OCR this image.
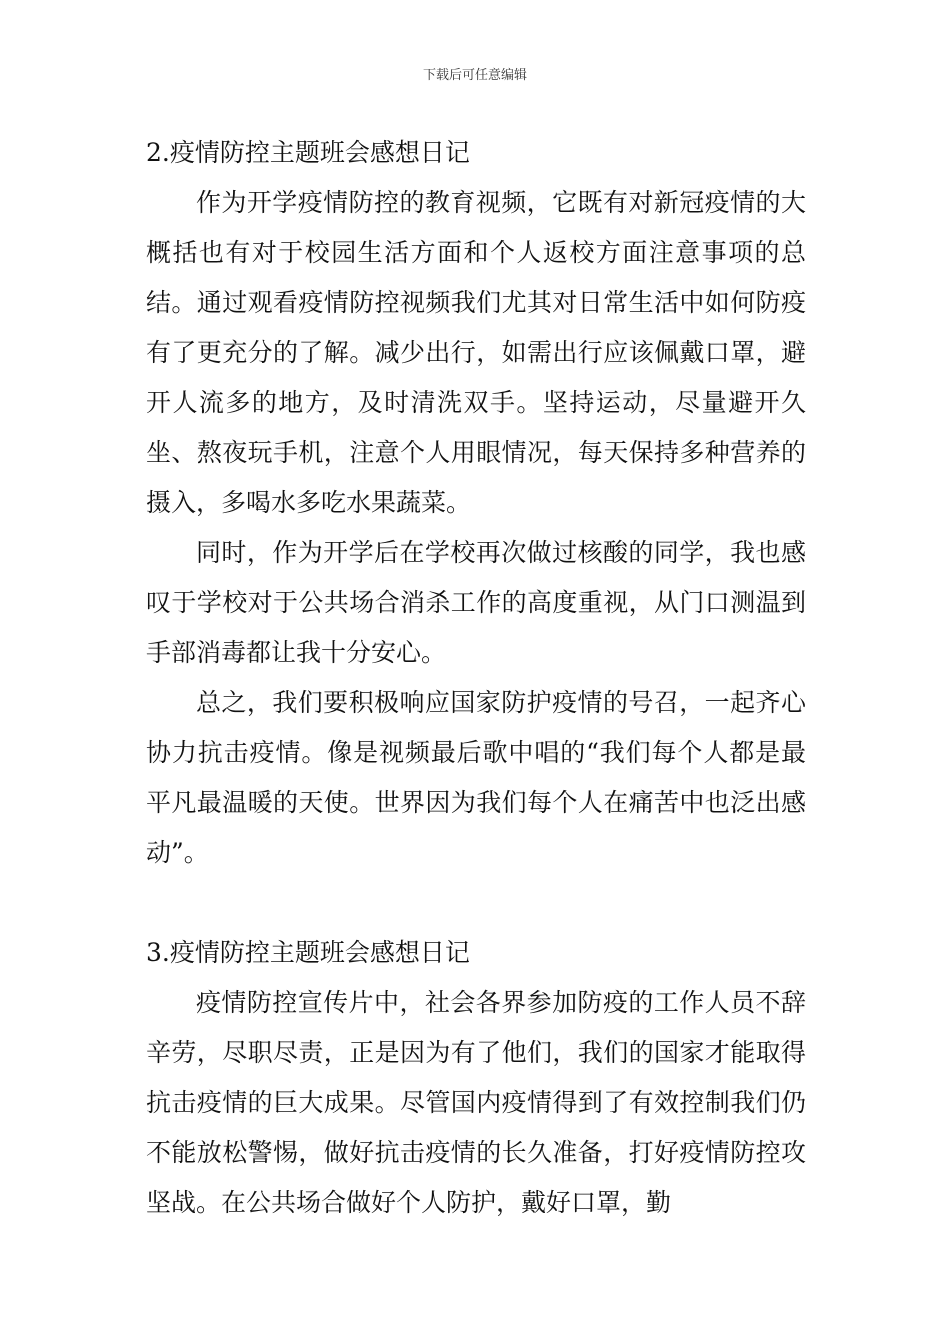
下载后可任意编辑
2.疫情防控主题班会感想日记

作为开学疫情防控的教育视频，它既有对新冠疫情的大概括也有对于校园生活方面和个人返校方面注意事项的总结。通过观看疫情防控视频我们尤其对日常生活中如何防疫有了更充分的了解。减少出行，如需出行应该佩戴口罩，避开人流多的地方，及时清洗双手。坚持运动，尽量避开久坐、熬夜玩手机，注意个人用眼情况，每天保持多种营养的摄入，多喝水多吃水果蔬菜。

同时，作为开学后在学校再次做过核酸的同学，我也感叹于学校对于公共场合消杀工作的高度重视，从门口测温到手部消毒都让我十分安心。

总之，我们要积极响应国家防护疫情的号召，一起齐心协力抗击疫情。像是视频最后歌中唱的“我们每个人都是最平凡最温暖的天使。世界因为我们每个人在痛苦中也泛出感动”。

3.疫情防控主题班会感想日记

疫情防控宣传片中，社会各界参加防疫的工作人员不辞辛劳，尽职尽责，正是因为有了他们，我们的国家才能取得抗击疫情的巨大成果。尽管国内疫情得到了有效控制我们仍不能放松警惕，做好抗击疫情的长久准备，打好疫情防控攻坚战。在公共场合做好个人防护，戴好口罩，勤
